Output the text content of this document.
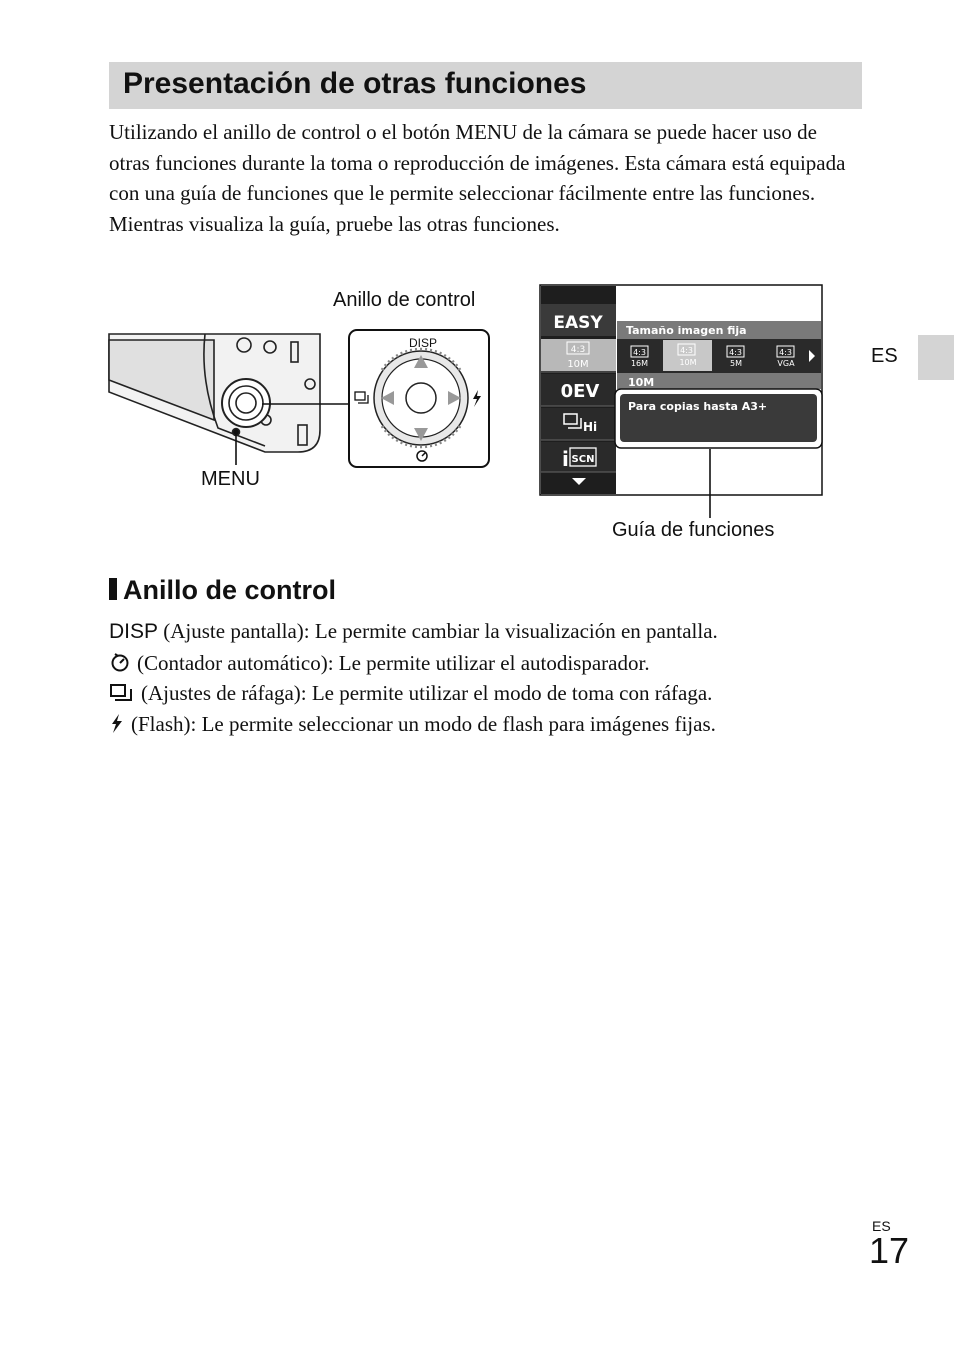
Presentación de otras funciones

Utilizando el anillo de control o el botón MENU de la cámara se puede hacer uso de otras funciones durante la toma o reproducción de imágenes. Esta cámara está equipada con una guía de funciones que le permite seleccionar fácilmente entre las funciones. Mientras visualiza la guía, pruebe las otras funciones.

ES
DISP
EASY
4:3
10M
0EV
Hi
i SCN
Tamaño imagen fija
4:3
16M
4:3
10M
4:3
5M
4:3
VGA
10M
Para copias hasta A3+
Anillo de control
MENU
Guía de funciones
Anillo de control
DISP (Ajuste pantalla): Le permite cambiar la visualización en pantalla.
(Contador automático): Le permite utilizar el autodisparador.
(Ajustes de ráfaga): Le permite utilizar el modo de toma con ráfaga.
(Flash): Le permite seleccionar un modo de flash para imágenes fijas.
ES
17
